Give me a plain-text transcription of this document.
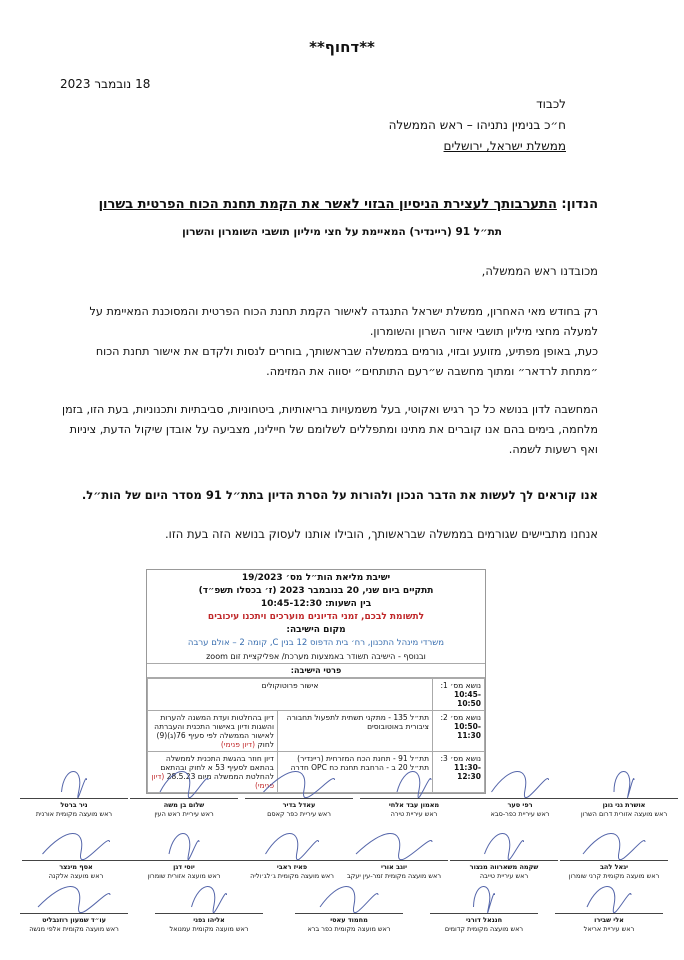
**דחוף**
18 נובמבר 2023
לכבוד
ח״כ בנימין נתניהו – ראש הממשלה
ממשלת ישראל, ירושלים
הנדון: התערבותך לעצירת הניסיון הבזוי לאשר את הקמת תחנת הכוח הפרטית בשרון
תת״ל 91 (ריינדיר) המאיימת על חצי מיליון תושבי השומרון והשרון
מכובדנו ראש הממשלה,
רק בחודש מאי האחרון, ממשלת ישראל התנגדה לאישור הקמת תחנת הכוח הפרטית והמסוכנת המאיימת על למעלה מחצי מיליון תושבי איזור השרון והשומרון.
כעת, באופן מפתיע, מזועע ובזוי, גורמים בממשלה שבראשותך, בוחרים לנסות ולקדם את אישור תחנת הכוח ״מתחת לרדאר״ ומתוך מחשבה ש״רעם התותחים״ יסווה את המזימה.
המחשבה לדון בנושא כל כך רגיש ואקוטי, בעל משמעויות בריאותיות, ביטחוניות, סביבתיות ותכנוניות, בעת הזו, בזמן מלחמה, בימים בהם אנו קוברים את מתינו ומתפללים לשלומם של חיילינו, מצביעה על אובדן שיקול הדעת, ציניות ואף רשעות לשמה.
אנו קוראים לך לעשות את הדבר הנכון ולהורות על הסרת הדיון בתת״ל 91 מסדר היום של הות״ל.
אנחנו מתביישים שגורמים בממשלה שבראשותך, הובילו אותנו לעסוק בנושא הזה בעת הזו.
ישיבת מליאת הות״ל מס׳ 19/2023
תתקיים ביום שני, 20 בנובמבר 2023 (ז׳ בכסלו תשפ״ד)
בין השעות: 10:45-12:30
לתשומת לבכם, זמני הדיונים מוערכים ויתכנו עיכובים
מקום הישיבה:
משרדי מינהל התכנון, רח׳ בית הדפוס 12 בנין C, קומה 2 – אולם ערבה
ובנוסף - הישיבה תשודר באמצעות מערכת/ אפליקציית זום zoom
פרטי הישיבה:
נושא מס׳ 1:
10:45-10:50	אישור פרוטוקולים	

נושא מס׳ 2:
10:50-11:30	תת״ל 135 - מתקני תשתית לתפעול תחבורה ציבורית באוטובוסים	דיון בהחלטות ועדת המשנה להערות והשגות ודיון באישור התכנית והעברתה לאישור הממשלה לפי סעיף 76(ג)(9) לחוק (דיון פנימי)

נושא מס׳ 3:
11:30-12:30	תת״ל 91 - תחנת הכח המזרחית (ריינדיר) תת״ל 20 ב - הרחבת תחנת כח OPC חדרה	דיון חוזר בהגשת התכנית לממשלה בהתאם לסעיף 53 א לחוק ובהתאם להחלטת הממשלה מיום 28.5.23 (דיון פנימי)
אושרת גני גונן
ראש מועצה אזורית דרום השרון
רפי סער
ראש עיריית כפר-סבא
מאמון עבד אלחי
ראש עיריית טירה
עאדל בדיר
ראש עיריית כפר קאסם
שלום בן משה
ראש עיריית ראש העין
ניר ברטל
ראש מועצה מקומית אורנית
יגאל להב
ראש מועצה מקומית קרני שומרון
שקמה משארווה מנצור
ראש עיריית טייבה
יוגב אורי
ראש מועצה מקומית זמר-עין יעקב
פאיז ראבי
ראש מועצה מקומית ג׳לג׳וליה
יוסי דגן
ראש מועצה אזורית שומרון
אסף מינצר
ראש מועצה אלקנה
אלי שבירו
ראש עיריית אריאל
חננאל דורני
ראש מועצה מקומית קדומים
מחמוד עאסי
ראש מועצה מקומית כפר ברא
אליהו גפני
ראש מועצה מקומית עמנואל
עו״ד שמעון רוזנבליט
ראש מועצה מקומית אלפי מנשה
